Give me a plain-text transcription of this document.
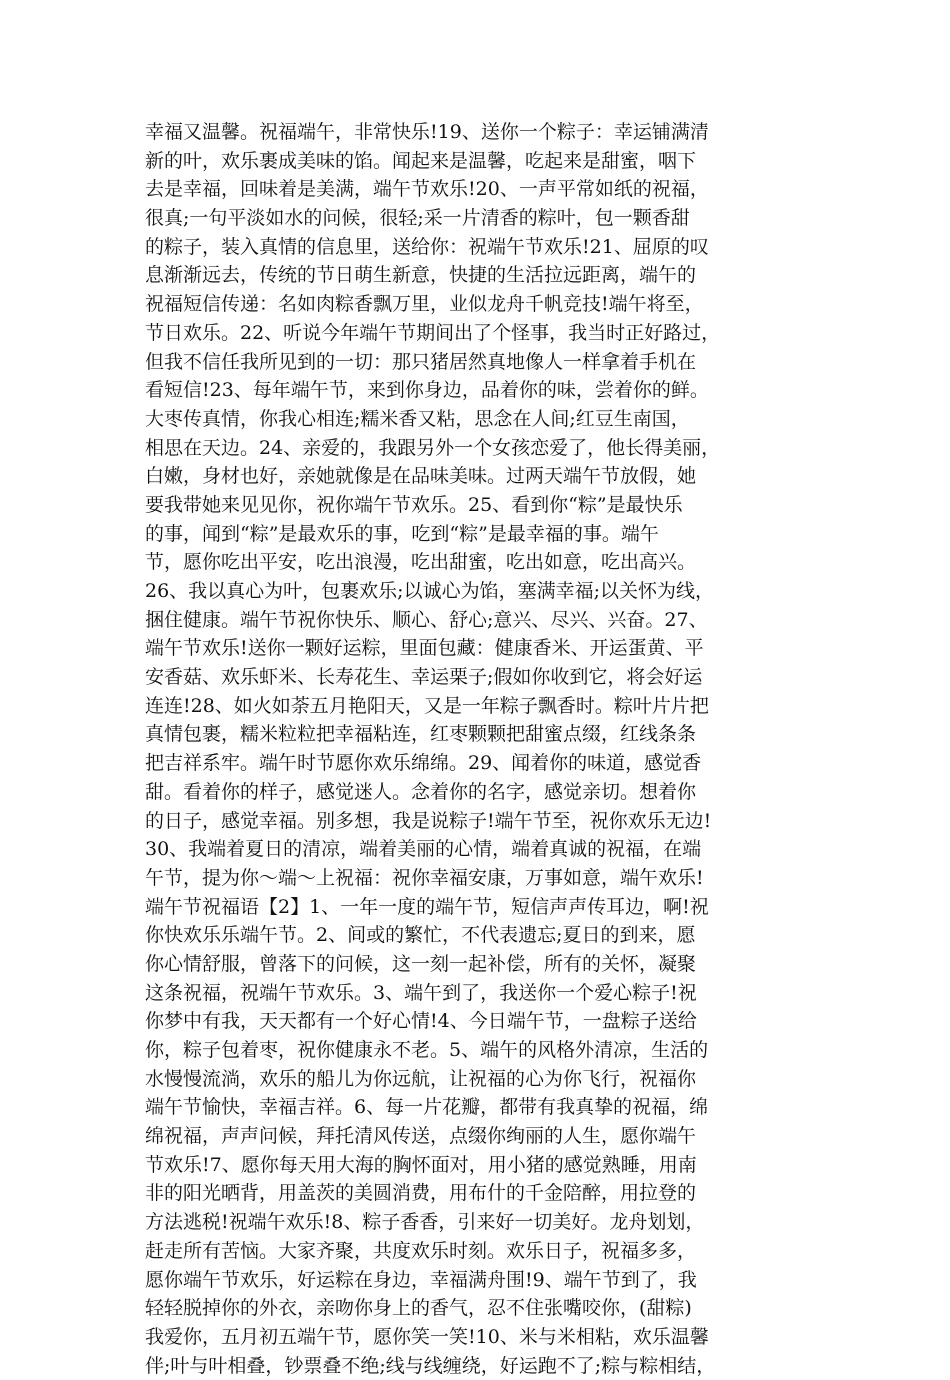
幸福又温馨。祝福端午，非常快乐!19、送你一个粽子：幸运铺满清
新的叶，欢乐裹成美味的馅。闻起来是温馨，吃起来是甜蜜，咽下
去是幸福，回味着是美满，端午节欢乐!20、一声平常如纸的祝福，
很真;一句平淡如水的问候，很轻;采一片清香的粽叶，包一颗香甜
的粽子，装入真情的信息里，送给你：祝端午节欢乐!21、屈原的叹
息渐渐远去，传统的节日萌生新意，快捷的生活拉远距离，端午的
祝福短信传递：名如肉粽香飘万里，业似龙舟千帆竞技!端午将至，
节日欢乐。22、听说今年端午节期间出了个怪事，我当时正好路过，
但我不信任我所见到的一切：那只猪居然真地像人一样拿着手机在
看短信!23、每年端午节，来到你身边，品着你的味，尝着你的鲜。
大枣传真情，你我心相连;糯米香又粘，思念在人间;红豆生南国，
相思在天边。24、亲爱的，我跟另外一个女孩恋爱了，他长得美丽，
白嫩，身材也好，亲她就像是在品味美味。过两天端午节放假，她
要我带她来见见你，祝你端午节欢乐。25、看到你“粽”是最快乐
的事，闻到“粽”是最欢乐的事，吃到“粽”是最幸福的事。端午
节，愿你吃出平安，吃出浪漫，吃出甜蜜，吃出如意，吃出高兴。
26、我以真心为叶，包裹欢乐;以诚心为馅，塞满幸福;以关怀为线，
捆住健康。端午节祝你快乐、顺心、舒心;意兴、尽兴、兴奋。27、
端午节欢乐!送你一颗好运粽，里面包藏：健康香米、开运蛋黄、平
安香菇、欢乐虾米、长寿花生、幸运栗子;假如你收到它，将会好运
连连!28、如火如荼五月艳阳天，又是一年粽子飘香时。粽叶片片把
真情包裹，糯米粒粒把幸福粘连，红枣颗颗把甜蜜点缀，红线条条
把吉祥系牢。端午时节愿你欢乐绵绵。29、闻着你的味道，感觉香
甜。看着你的样子，感觉迷人。念着你的名字，感觉亲切。想着你
的日子，感觉幸福。别多想，我是说粽子!端午节至，祝你欢乐无边!
30、我端着夏日的清凉，端着美丽的心情，端着真诚的祝福，在端
午节，提为你～端～上祝福：祝你幸福安康，万事如意，端午欢乐!
端午节祝福语【2】1、一年一度的端午节，短信声声传耳边，啊!祝
你快欢乐乐端午节。2、间或的繁忙，不代表遗忘;夏日的到来，愿
你心情舒服，曾落下的问候，这一刻一起补偿，所有的关怀，凝聚
这条祝福，祝端午节欢乐。3、端午到了，我送你一个爱心粽子!祝
你梦中有我，天天都有一个好心情!4、今日端午节，一盘粽子送给
你，粽子包着枣，祝你健康永不老。5、端午的风格外清凉，生活的
水慢慢流淌，欢乐的船儿为你远航，让祝福的心为你飞行，祝福你
端午节愉快，幸福吉祥。6、每一片花瓣，都带有我真挚的祝福，绵
绵祝福，声声问候，拜托清风传送，点缀你绚丽的人生，愿你端午
节欢乐!7、愿你每天用大海的胸怀面对，用小猪的感觉熟睡，用南
非的阳光晒背，用盖茨的美圆消费，用布什的千金陪醉，用拉登的
方法逃税!祝端午欢乐!8、粽子香香，引来好一切美好。龙舟划划，
赶走所有苦恼。大家齐聚，共度欢乐时刻。欢乐日子，祝福多多，
愿你端午节欢乐，好运粽在身边，幸福满舟围!9、端午节到了，我
轻轻脱掉你的外衣，亲吻你身上的香气，忍不住张嘴咬你，(甜粽)
我爱你，五月初五端午节，愿你笑一笑!10、米与米相粘，欢乐温馨
伴;叶与叶相叠，钞票叠不绝;线与线缠绕，好运跑不了;粽与粽相结，
